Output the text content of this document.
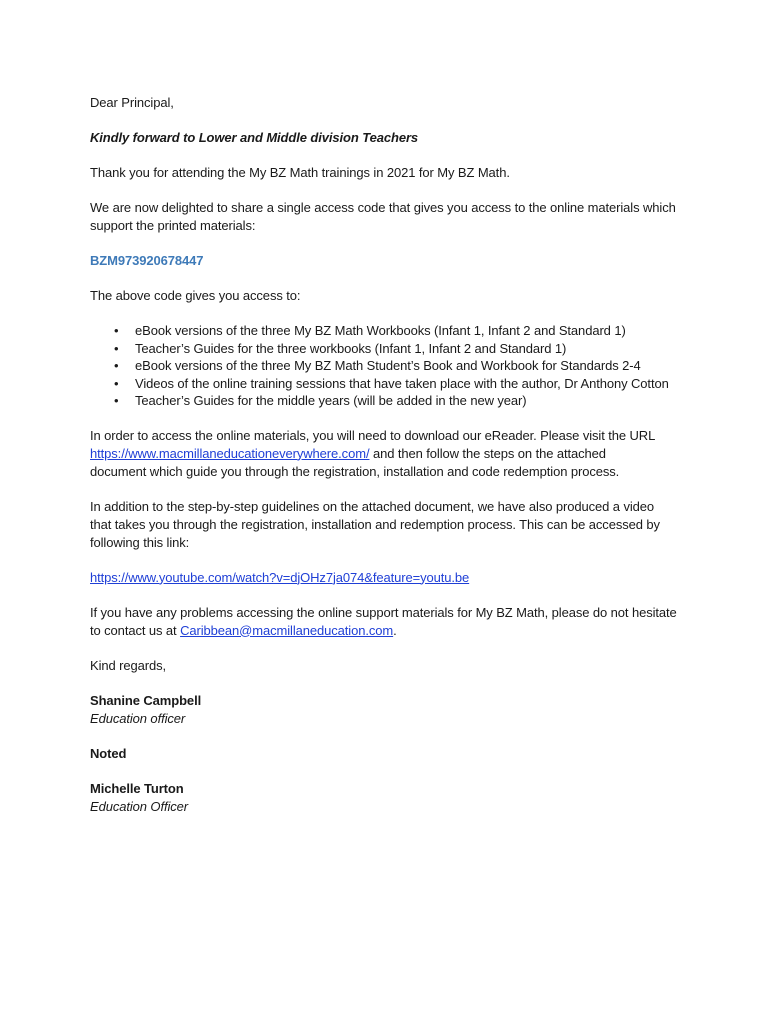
Dear Principal,

Kindly forward to Lower and Middle division Teachers

Thank you for attending the My BZ Math trainings in 2021 for My BZ Math.

We are now delighted to share a single access code that gives you access to the online materials which

support the printed materials:

BZM973920678447

The above code gives you access to:

• eBook versions of the three My BZ Math Workbooks (Infant 1, Infant 2 and Standard 1)
• Teacher’s Guides for the three workbooks (Infant 1, Infant 2 and Standard 1)
• eBook versions of the three My BZ Math Student’s Book and Workbook for Standards 2-4
• Videos of the online training sessions that have taken place with the author, Dr Anthony Cotton
• Teacher’s Guides for the middle years (will be added in the new year)

In order to access the online materials, you will need to download our eReader. Please visit the URL

https://www.macmillaneducationeverywhere.com/ and then follow the steps on the attached

document which guide you through the registration, installation and code redemption process.

In addition to the step-by-step guidelines on the attached document, we have also produced a video

that takes you through the registration, installation and redemption process. This can be accessed by

following this link:

https://www.youtube.com/watch?v=djOHz7ja074&feature=youtu.be

If you have any problems accessing the online support materials for My BZ Math, please do not hesitate

to contact us at Caribbean@macmillaneducation.com.

Kind regards,

Shanine Campbell

Education officer

Noted

Michelle Turton

Education Officer
